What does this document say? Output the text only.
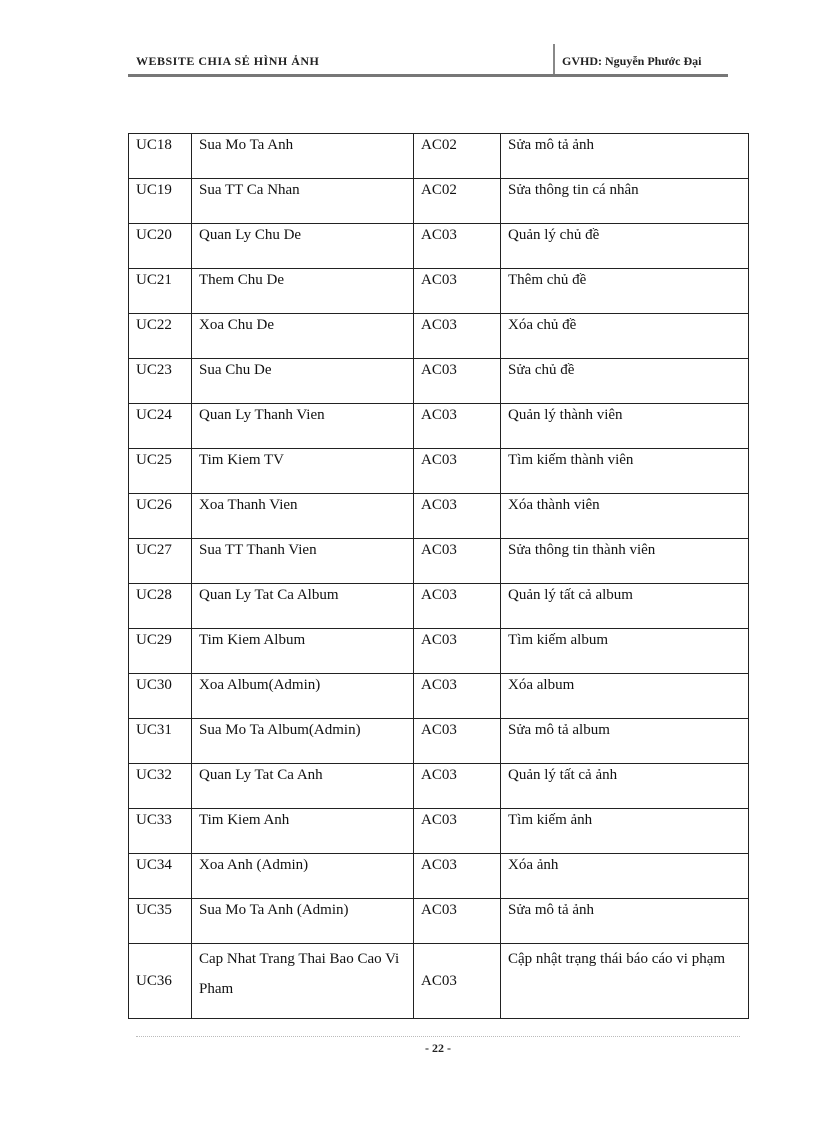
WEBSITE CHIA SẺ HÌNH ẢNH	GVHD: Nguyễn Phước Đại
UC18	Sua Mo Ta Anh	AC02	Sửa mô tả ảnh
UC19	Sua TT Ca Nhan	AC02	Sửa thông tin cá nhân
UC20	Quan Ly Chu De	AC03	Quản lý chủ đề
UC21	Them Chu De	AC03	Thêm chủ đề
UC22	Xoa Chu De	AC03	Xóa chủ đề
UC23	Sua Chu De	AC03	Sửa chủ đề
UC24	Quan Ly Thanh Vien	AC03	Quản lý thành viên
UC25	Tim Kiem TV	AC03	Tìm kiếm thành viên
UC26	Xoa Thanh Vien	AC03	Xóa thành viên
UC27	Sua TT Thanh Vien	AC03	Sửa thông tin thành viên
UC28	Quan Ly Tat Ca Album	AC03	Quản lý tất cả album
UC29	Tim Kiem Album	AC03	Tìm kiếm album
UC30	Xoa Album(Admin)	AC03	Xóa album
UC31	Sua Mo Ta Album(Admin)	AC03	Sửa mô tả album
UC32	Quan Ly Tat Ca Anh	AC03	Quản lý tất cả ảnh
UC33	Tim Kiem Anh	AC03	Tìm kiếm ảnh
UC34	Xoa Anh (Admin)	AC03	Xóa ảnh
UC35	Sua Mo Ta Anh (Admin)	AC03	Sửa mô tả ảnh
UC36	Cap Nhat Trang Thai Bao Cao Vi Pham	AC03	Cập nhật trạng thái báo cáo vi phạm
- 22 -
